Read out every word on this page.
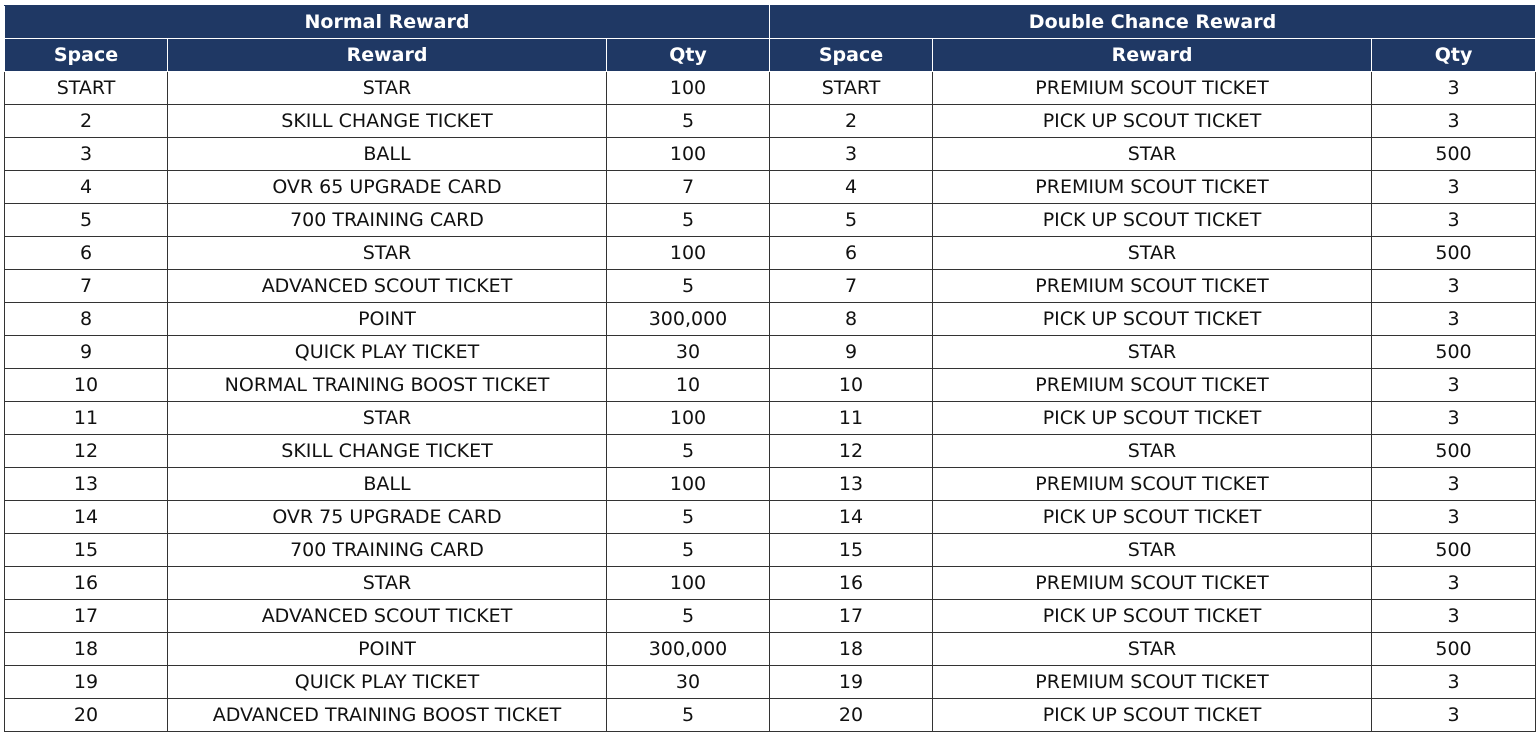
Normal Reward			Double Chance Reward		
Space	Reward	Qty	Space	Reward	Qty
START	STAR	100	START	PREMIUM SCOUT TICKET	3
2	SKILL CHANGE TICKET	5	2	PICK UP SCOUT TICKET	3
3	BALL	100	3	STAR	500
4	OVR 65 UPGRADE CARD	7	4	PREMIUM SCOUT TICKET	3
5	700 TRAINING CARD	5	5	PICK UP SCOUT TICKET	3
6	STAR	100	6	STAR	500
7	ADVANCED SCOUT TICKET	5	7	PREMIUM SCOUT TICKET	3
8	POINT	300,000	8	PICK UP SCOUT TICKET	3
9	QUICK PLAY TICKET	30	9	STAR	500
10	NORMAL TRAINING BOOST TICKET	10	10	PREMIUM SCOUT TICKET	3
11	STAR	100	11	PICK UP SCOUT TICKET	3
12	SKILL CHANGE TICKET	5	12	STAR	500
13	BALL	100	13	PREMIUM SCOUT TICKET	3
14	OVR 75 UPGRADE CARD	5	14	PICK UP SCOUT TICKET	3
15	700 TRAINING CARD	5	15	STAR	500
16	STAR	100	16	PREMIUM SCOUT TICKET	3
17	ADVANCED SCOUT TICKET	5	17	PICK UP SCOUT TICKET	3
18	POINT	300,000	18	STAR	500
19	QUICK PLAY TICKET	30	19	PREMIUM SCOUT TICKET	3
20	ADVANCED TRAINING BOOST TICKET	5	20	PICK UP SCOUT TICKET	3
